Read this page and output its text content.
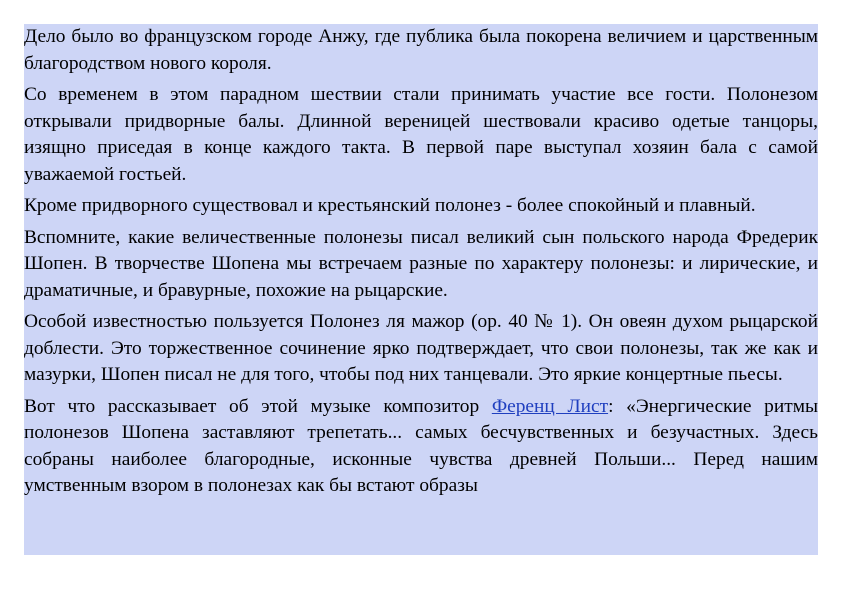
Дело было во французском городе Анжу, где публика была покорена величием и царственным благородством нового короля.

Со временем в этом парадном шествии стали принимать участие все гости. Полонезом открывали придворные балы. Длинной вереницей шествовали красиво одетые танцоры, изящно приседая в конце каждого такта. В первой паре выступал хозяин бала с самой уважаемой гостьей.

Кроме придворного существовал и крестьянский полонез - более спокойный и плавный.

Вспомните, какие величественные полонезы писал великий сын польского народа Фредерик Шопен. В творчестве Шопена мы встречаем разные по характеру полонезы: и лирические, и драматичные, и бравурные, похожие на рыцарские.

Особой известностью пользуется Полонез ля мажор (op. 40 № 1). Он овеян духом рыцарской доблести. Это торжественное сочинение ярко подтверждает, что свои полонезы, так же как и мазурки, Шопен писал не для того, чтобы под них танцевали. Это яркие концертные пьесы.

Вот что рассказывает об этой музыке композитор Ференц Лист: «Энергические ритмы полонезов Шопена заставляют трепетать... самых бесчувственных и безучастных. Здесь собраны наиболее благородные, исконные чувства древней Польши... Перед нашим умственным взором в полонезах как бы встают образы
